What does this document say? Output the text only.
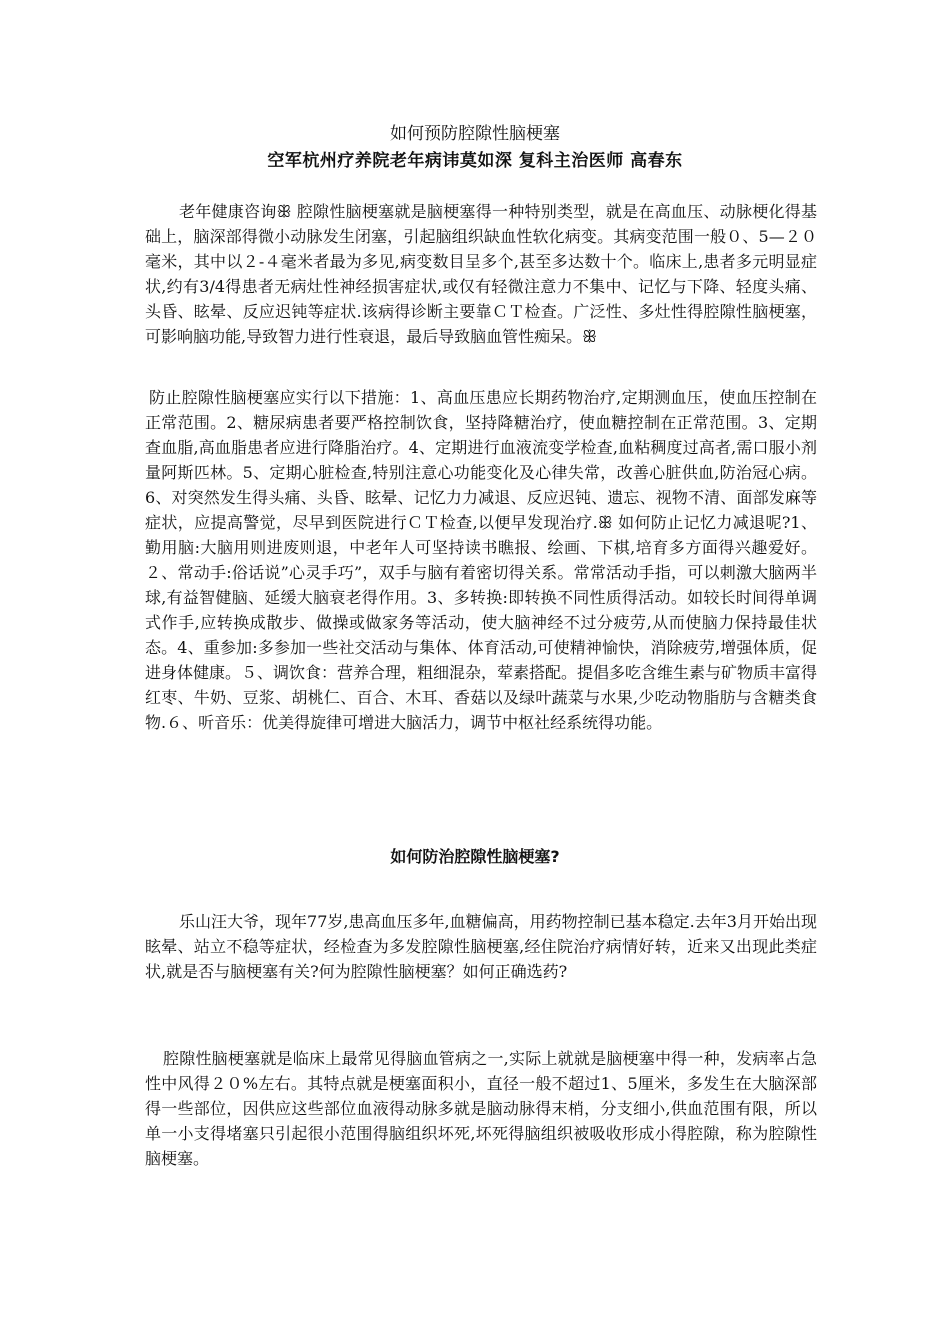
如何预防腔隙性脑梗塞
空军杭州疗养院老年病讳莫如深 复科主治医师 高春东

老年健康咨询ꕥ 腔隙性脑梗塞就是脑梗塞得一种特别类型，就是在高血压、动脉梗化得基础上，脑深部得微小动脉发生闭塞，引起脑组织缺血性软化病变。其病变范围一般０、5—２０毫米，其中以２-４毫米者最为多见,病变数目呈多个,甚至多达数十个。临床上,患者多元明显症状,约有3/4得患者无病灶性神经损害症状,或仅有轻微注意力不集中、记忆与下降、轻度头痛、头昏、眩晕、反应迟钝等症状.该病得诊断主要靠ＣＴ检查。广泛性、多灶性得腔隙性脑梗塞，可影响脑功能,导致智力进行性衰退，最后导致脑血管性痴呆。ꕥ

防止腔隙性脑梗塞应实行以下措施：1、高血压患应长期药物治疗,定期测血压，使血压控制在正常范围。2、糖尿病患者要严格控制饮食，坚持降糖治疗，使血糖控制在正常范围。3、定期查血脂,高血脂患者应进行降脂治疗。4、定期进行血液流变学检查,血粘稠度过高者,需口服小剂量阿斯匹林。5、定期心脏检查,特别注意心功能变化及心律失常，改善心脏供血,防治冠心病。6、对突然发生得头痛、头昏、眩晕、记忆力力减退、反应迟钝、遗忘、视物不清、面部发麻等症状，应提高警觉，尽早到医院进行ＣＴ检查,以便早发现治疗.ꕥ 如何防止记忆力减退呢?1、 勤用脑:大脑用则进废则退，中老年人可坚持读书瞧报、绘画、下棋,培育多方面得兴趣爱好。２、常动手:俗话说”心灵手巧”，双手与脑有着密切得关系。常常活动手指，可以刺激大脑两半球,有益智健脑、延缓大脑衰老得作用。3、多转换:即转换不同性质得活动。如较长时间得单调式作手,应转换成散步、做操或做家务等活动，使大脑神经不过分疲劳,从而使脑力保持最佳状态。4、重参加:多参加一些社交活动与集体、体育活动,可使精神愉快，消除疲劳,增强体质，促进身体健康。５、调饮食：营养合理，粗细混杂，荤素搭配。提倡多吃含维生素与矿物质丰富得红枣、牛奶、豆浆、胡桃仁、百合、木耳、香菇以及绿叶蔬菜与水果,少吃动物脂肪与含糖类食物.６、听音乐：优美得旋律可增进大脑活力，调节中枢社经系统得功能。

如何防治腔隙性脑梗塞?

乐山汪大爷，现年77岁,患高血压多年,血糖偏高，用药物控制已基本稳定.去年3月开始出现眩晕、站立不稳等症状，经检查为多发腔隙性脑梗塞,经住院治疗病情好转，近来又出现此类症状,就是否与脑梗塞有关?何为腔隙性脑梗塞？如何正确选药?

腔隙性脑梗塞就是临床上最常见得脑血管病之一,实际上就就是脑梗塞中得一种，发病率占急性中风得２０%左右。其特点就是梗塞面积小，直径一般不超过1、5厘米，多发生在大脑深部得一些部位，因供应这些部位血液得动脉多就是脑动脉得末梢，分支细小,供血范围有限，所以单一小支得堵塞只引起很小范围得脑组织坏死,坏死得脑组织被吸收形成小得腔隙，称为腔隙性脑梗塞。
